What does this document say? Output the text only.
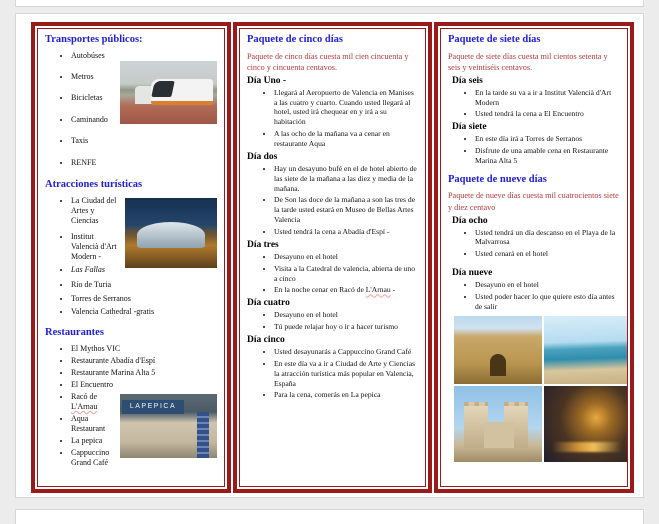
Transportes públicos:
• Autobúses
• Metros
• Bicicletas
• Caminando
• Taxis
• RENFE
Atracciones turísticas
• La Ciudad del Artes y Ciencias
• Institut Valencià d'Art Modern -
• Las Fallas
• Río de Turia
• Torres de Serranos
• Valencia Cathedral -gratis
Restaurantes
• El Mythos VIC
• Restaurante Abadía d'Espí
• Restaurante Marina Alta 5
• El Encuentro
LAPEPICA
• Racó de L'Arnau
• Aqua Restaurant
• La pepica
• Cappuccino Grand Café
Paquete de cinco días
Paquete de cinco días cuesta mil cien cincuenta y cinco y cincuenta centavos.
Día Uno -
• Llegará al Aeropuerto de Valencia en Manises a las cuatro y cuarto. Cuando usted llegará al hotel, usted irá chequear en y irá a su habitación
• A las ocho de la mañana va a cenar en restaurante Aqua
Día dos
• Hay un desayuno bufé en el de hotel abierto de las siete de la mañana a las diez y media de la mañana.
• De Son las doce de la mañana a son las tres de la tarde usted estará en Museo de Bellas Artes Valencia
• Usted tendrá la cena a Abadía d'Espí -
Día tres
• Desayuno en el hotel
• Visita a la Catedral de valencia, abierta de uno a cinco
• En la noche cenar en Racó de L'Arnau -
Día cuatro
• Desayuno en el hotel
• Tú puede relajar hoy o ir a hacer turismo
Día cinco
• Usted desayunarás a Cappuccino Grand Café
• En este día va a ir a Ciudad de Arte y Ciencias la atracción turística más popular en Valencia, España
• Para la cena, comerás en La pepica
Paquete de siete días
Paquete de siete días cuesta mil cientos setenta y seis y veintiséis centavos.
Día seis
• En la tarde su va a ir a Institut Valencià d'Art Modern
• Usted tendrá la cena a El Encuentro
Día siete
• En este día irá a Torres de Serranos
• Disfrute de una amable cena en Restaurante Marina Alta 5
Paquete de nueve días
Paquete de nueve días cuesta mil cuatrocientos siete y diez centavo
Día ocho
• Usted tendrá un día descanso en el Playa de la Malvarrosa
• Usted cenará en el hotel
Día nueve
• Desayuno en el hotel
• Usted poder hacer lo que quiere esto día antes de salir
